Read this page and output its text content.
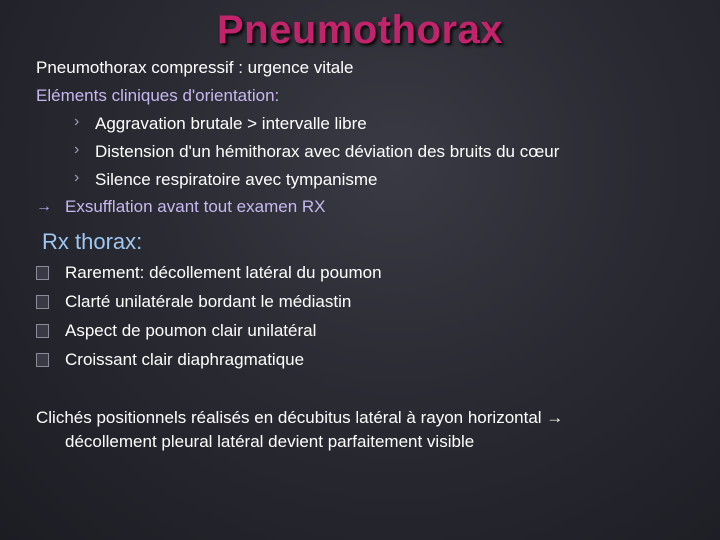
Pneumothorax
Pneumothorax compressif : urgence vitale
Eléments cliniques d'orientation:
› Aggravation brutale > intervalle libre
› Distension d'un hémithorax avec déviation des bruits du cœur
› Silence respiratoire avec tympanisme
→ Exsufflation avant tout examen RX
Rx thorax:
Rarement: décollement latéral du poumon
Clarté unilatérale bordant le médiastin
Aspect de poumon clair unilatéral
Croissant clair diaphragmatique
Clichés positionnels réalisés en décubitus latéral à rayon horizontal →
décollement pleural latéral devient parfaitement visible
